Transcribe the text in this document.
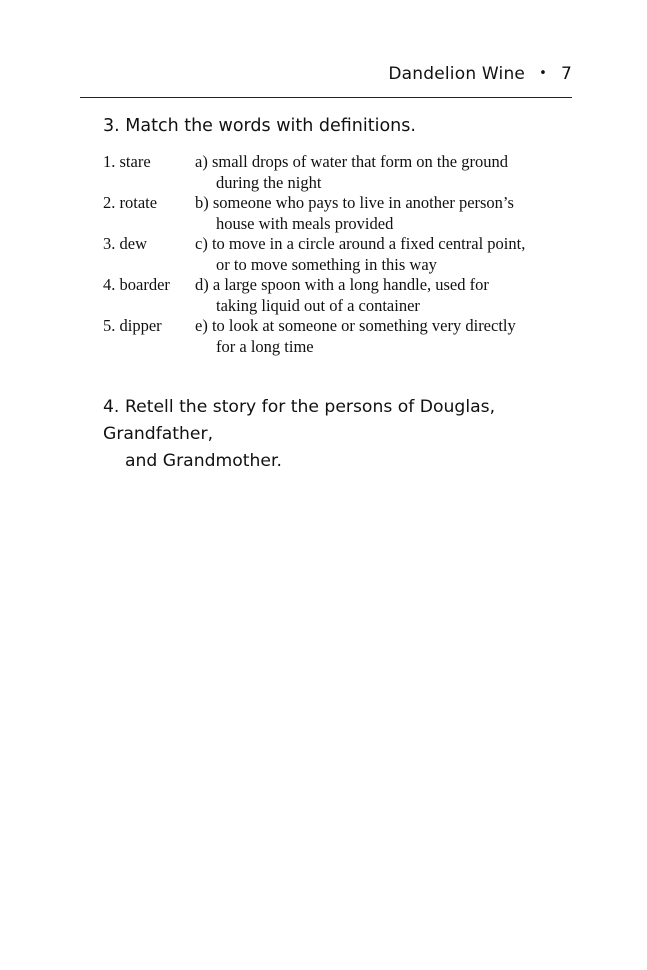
Dandelion Wine • 7
3. Match the words with definitions.
1. stare	a) small drops of water that form on the ground
during the night
2. rotate	b) someone who pays to live in another person’s
house with meals provided
3. dew	c) to move in a circle around a fixed central point,
or to move something in this way
4. boarder	d) a large spoon with a long handle, used for
taking liquid out of a container
5. dipper	e) to look at someone or something very directly
for a long time
4. Retell the story for the persons of Douglas, Grandfather,
and Grandmother.
